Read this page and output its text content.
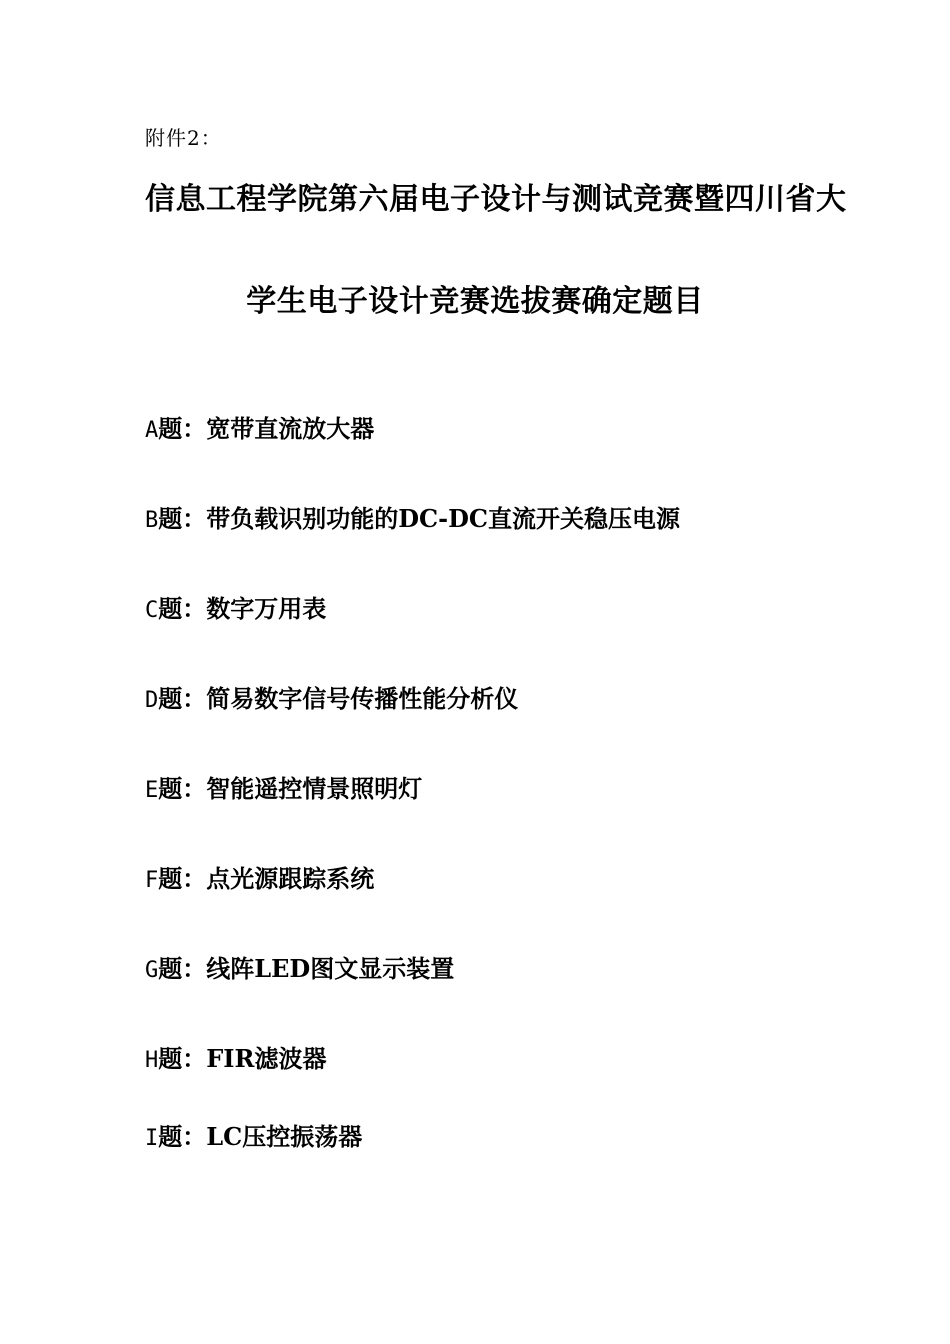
附件2：
信息工程学院第六届电子设计与测试竞赛暨四川省大
学生电子设计竞赛选拔赛确定题目
A题：宽带直流放大器
B题：带负载识别功能的DC-DC直流开关稳压电源
C题：数字万用表
D题：简易数字信号传播性能分析仪
E题：智能遥控情景照明灯
F题：点光源跟踪系统
G题：线阵LED图文显示装置
H题：FIR滤波器
I题：LC压控振荡器
